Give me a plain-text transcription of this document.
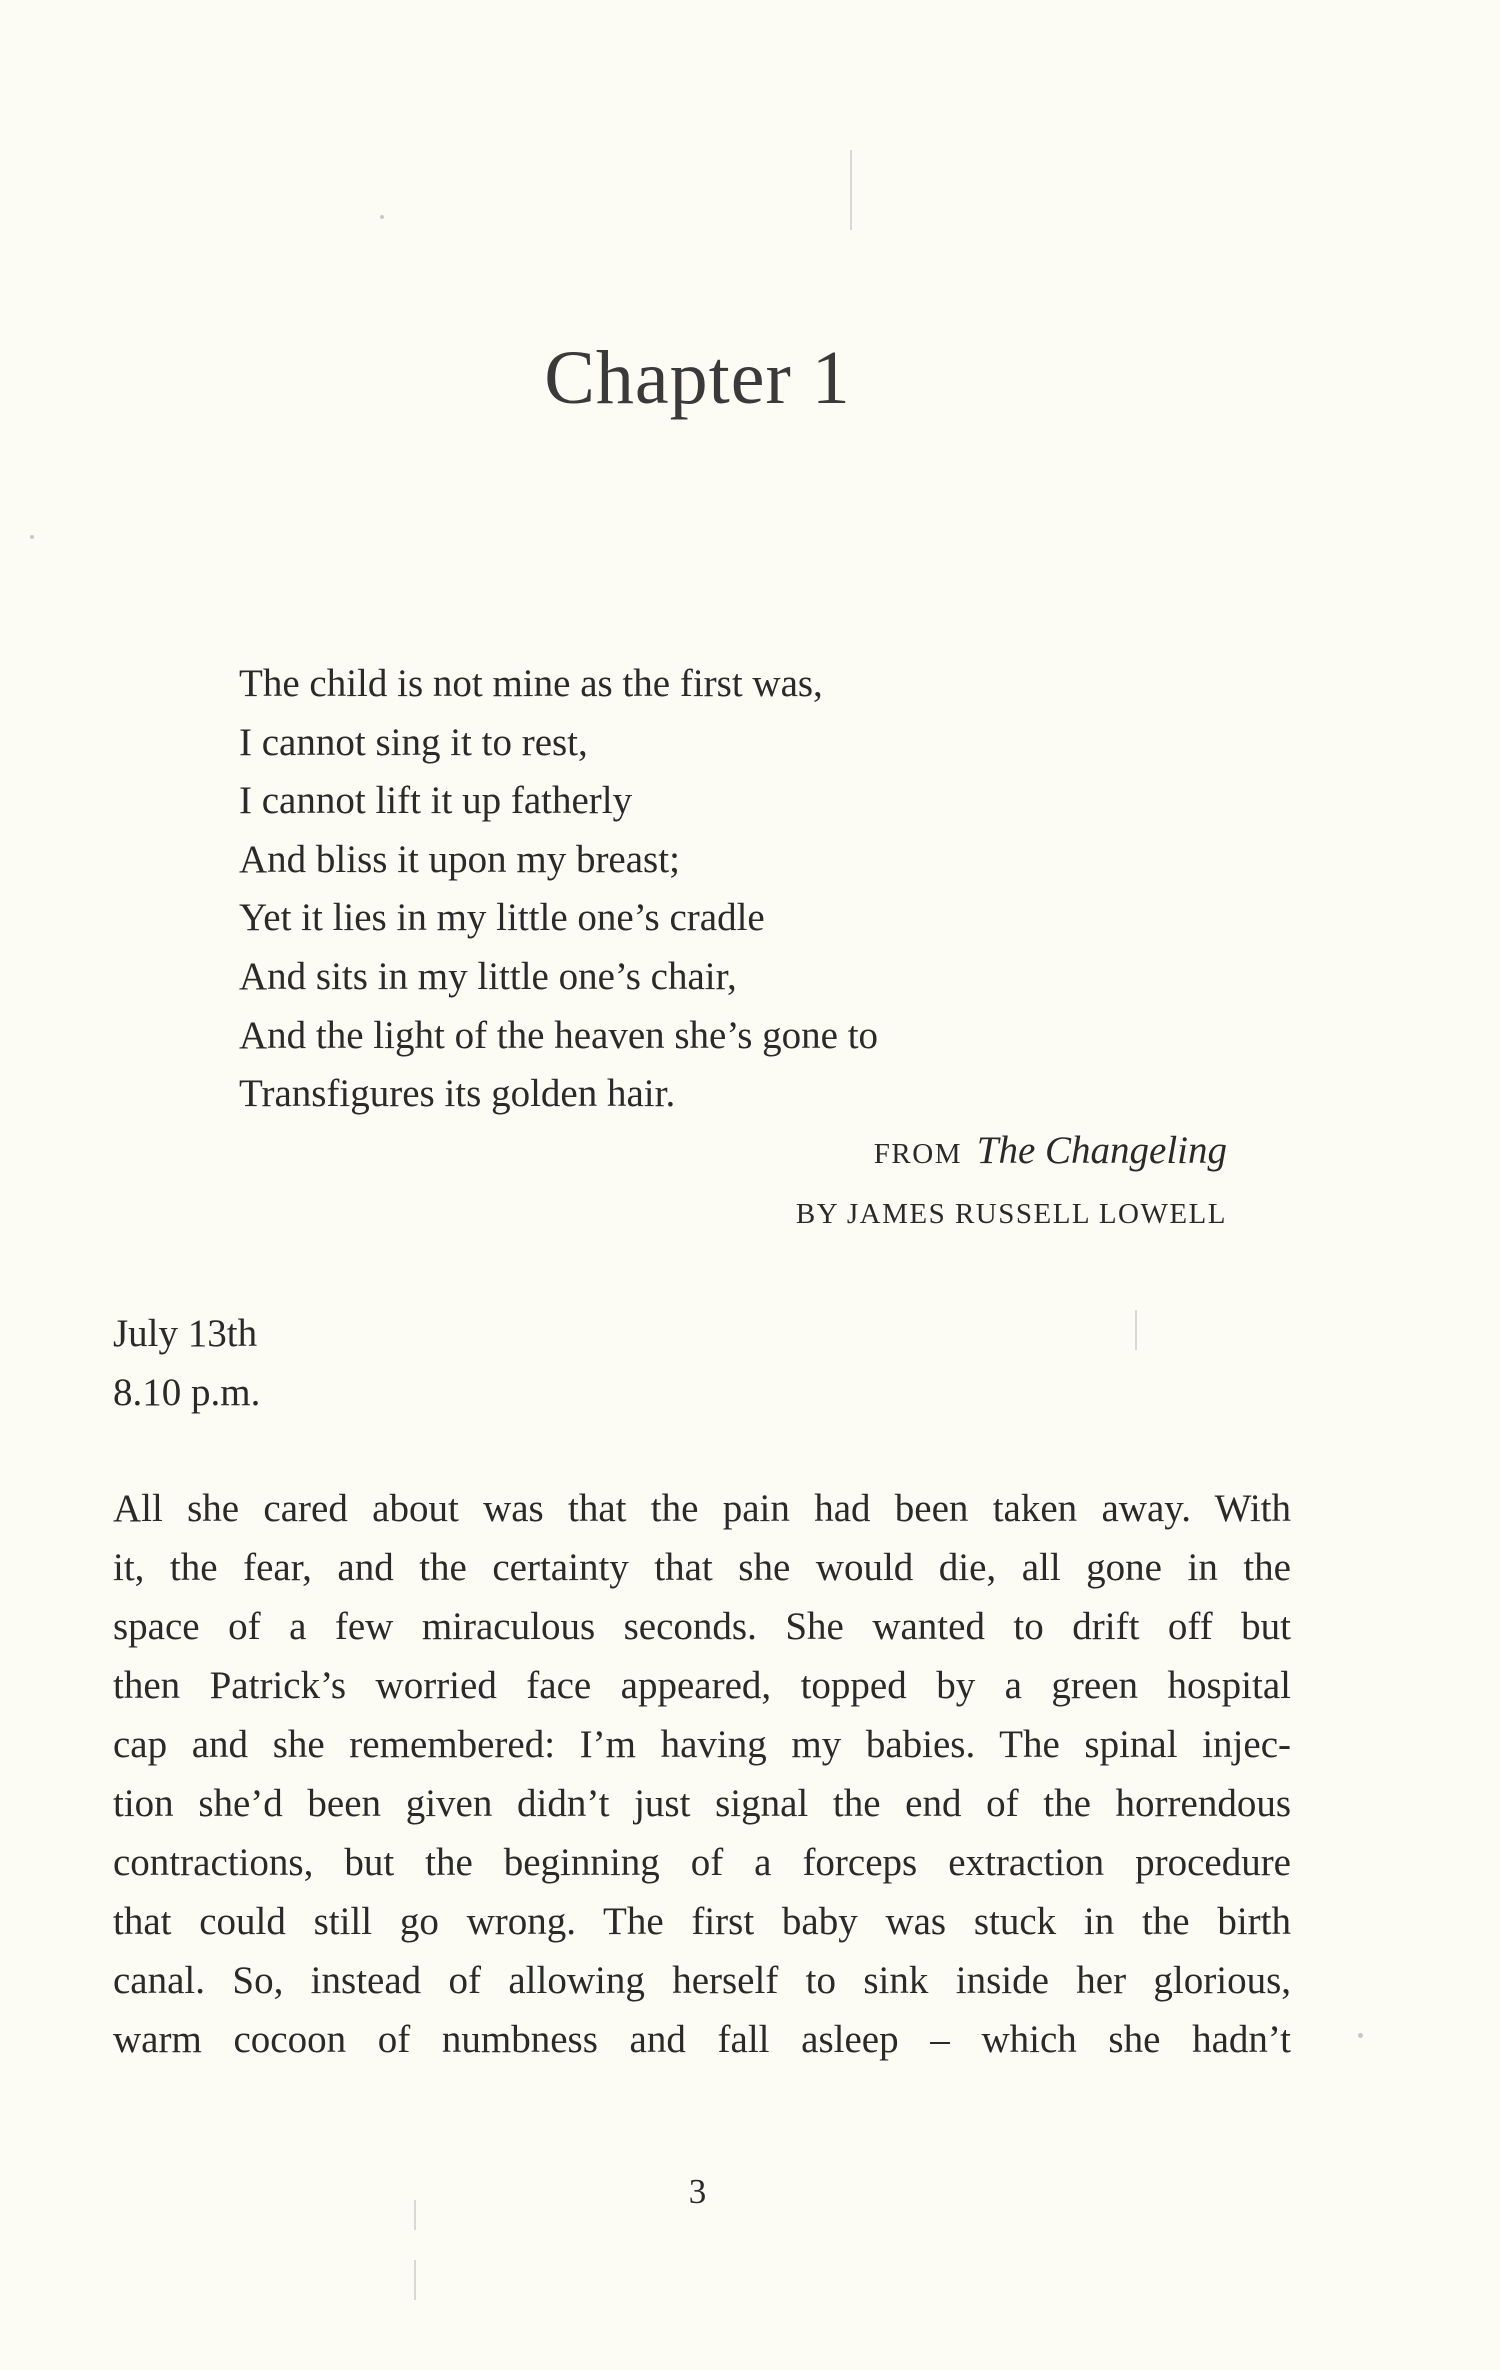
Chapter 1
The child is not mine as the first was,
I cannot sing it to rest,
I cannot lift it up fatherly
And bliss it upon my breast;
Yet it lies in my little one’s cradle
And sits in my little one’s chair,
And the light of the heaven she’s gone to
Transfigures its golden hair.
FROM The Changeling
BY JAMES RUSSELL LOWELL
July 13th
8.10 p.m.
All she cared about was that the pain had been taken away. With
it, the fear, and the certainty that she would die, all gone in the
space of a few miraculous seconds. She wanted to drift off but
then Patrick’s worried face appeared, topped by a green hospital
cap and she remembered: I’m having my babies. The spinal injec-
tion she’d been given didn’t just signal the end of the horrendous
contractions, but the beginning of a forceps extraction procedure
that could still go wrong. The first baby was stuck in the birth
canal. So, instead of allowing herself to sink inside her glorious,
warm cocoon of numbness and fall asleep – which she hadn’t
3
